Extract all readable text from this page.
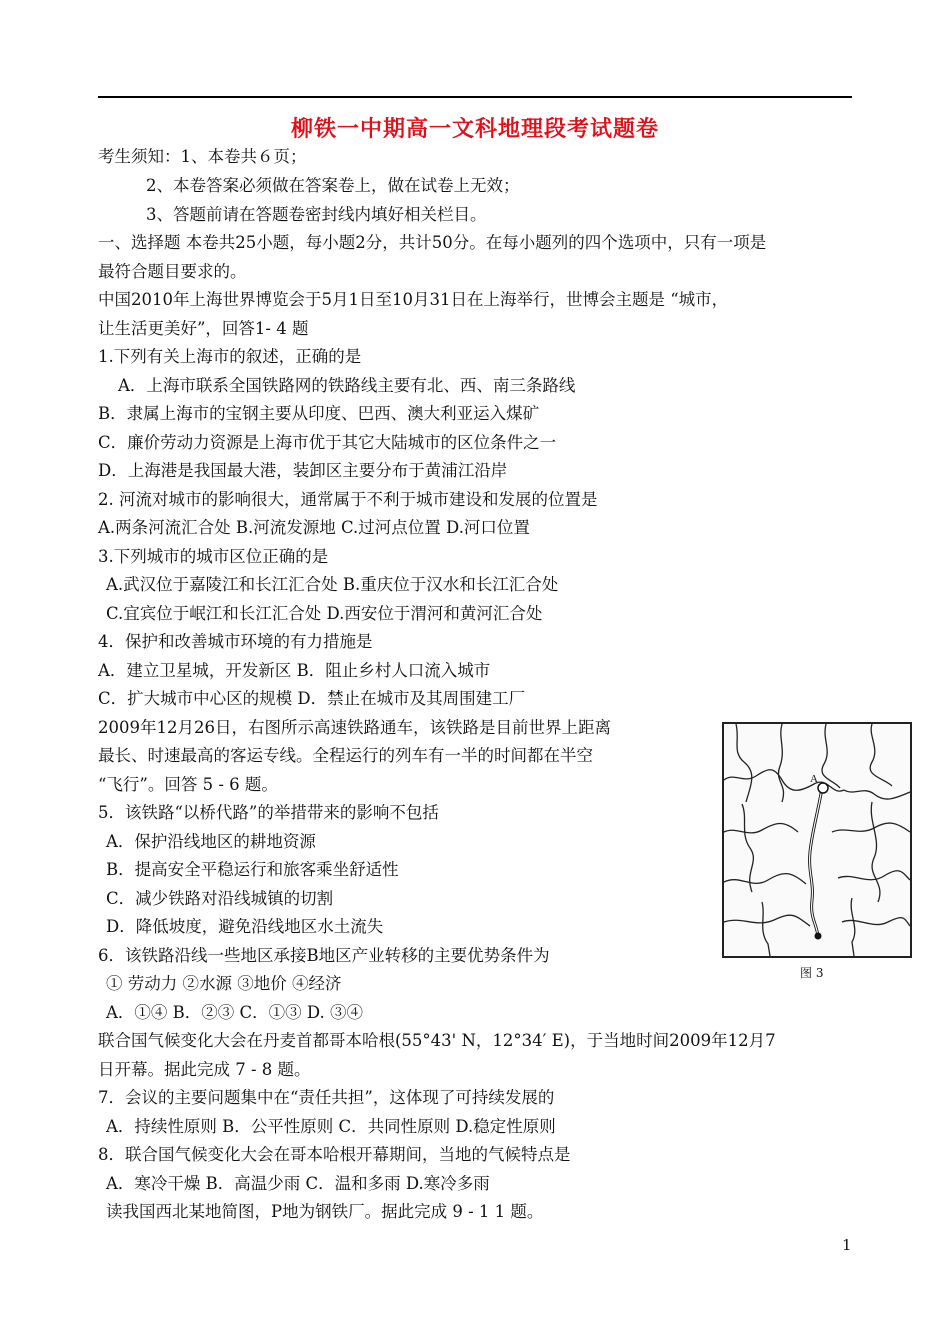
柳铁一中期高一文科地理段考试题卷
考生须知：1、本卷共６页；
2、本卷答案必须做在答案卷上，做在试卷上无效；
3、答题前请在答题卷密封线内填好相关栏目。
一、选择题 本卷共25小题，每小题2分，共计50分。在每小题列的四个选项中，只有一项是
最符合题目要求的。
中国2010年上海世界博览会于5月1日至10月31日在上海举行，世博会主题是 “城市，
让生活更美好”，回答1- 4 题
1.下列有关上海市的叙述，正确的是
A．上海市联系全国铁路网的铁路线主要有北、西、南三条路线
B．隶属上海市的宝钢主要从印度、巴西、澳大利亚运入煤矿
C．廉价劳动力资源是上海市优于其它大陆城市的区位条件之一
D．上海港是我国最大港，装卸区主要分布于黄浦江沿岸
2. 河流对城市的影响很大，通常属于不利于城市建设和发展的位置是
A.两条河流汇合处 B.河流发源地 C.过河点位置 D.河口位置
3.下列城市的城市区位正确的是
A.武汉位于嘉陵江和长江汇合处 B.重庆位于汉水和长江汇合处
C.宜宾位于岷江和长江汇合处 D.西安位于渭河和黄河汇合处
4．保护和改善城市环境的有力措施是
A．建立卫星城，开发新区 B．阻止乡村人口流入城市
C．扩大城市中心区的规模 D．禁止在城市及其周围建工厂
2009年12月26日，右图所示高速铁路通车，该铁路是目前世界上距离
最长、时速最高的客运专线。全程运行的列车有一半的时间都在半空
“飞行”。回答 5 - 6 题。
5．该铁路“以桥代路”的举措带来的影响不包括
A．保护沿线地区的耕地资源
B．提高安全平稳运行和旅客乘坐舒适性
C．减少铁路对沿线城镇的切割
D．降低坡度，避免沿线地区水土流失
6．该铁路沿线一些地区承接B地区产业转移的主要优势条件为
① 劳动力 ②水源 ③地价 ④经济
A．①④ B．②③ C．①③ D. ③④
联合国气候变化大会在丹麦首都哥本哈根(55°43' N，12°34′ E)，于当地时间2009年12月7
日开幕。据此完成 7 - 8 题。
7．会议的主要问题集中在“责任共担”，这体现了可持续发展的
A．持续性原则 B．公平性原则 C．共同性原则 D.稳定性原则
8．联合国气候变化大会在哥本哈根开幕期间，当地的气候特点是
A．寒冷干燥 B．高温少雨 C．温和多雨 D.寒冷多雨
读我国西北某地简图，P地为钢铁厂。据此完成 9 - 1 1 题。
A
图 3
1
